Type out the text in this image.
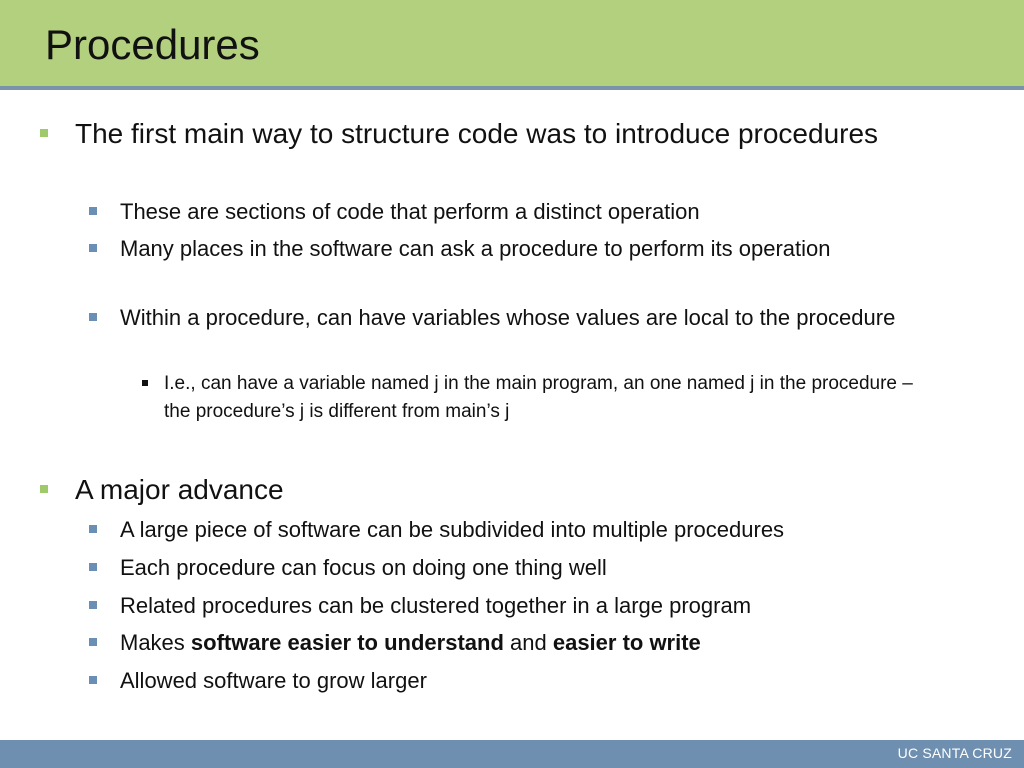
Procedures

The first main way to structure code was to introduce procedures

These are sections of code that perform a distinct operation

Many places in the software can ask a procedure to perform its operation

Within a procedure, can have variables whose values are local to the procedure

I.e., can have a variable named j in the main program, an one named j in the procedure – the procedure’s j is different from main’s j

A major advance

A large piece of software can be subdivided into multiple procedures

Each procedure can focus on doing one thing well

Related procedures can be clustered together in a large program

Makes software easier to understand and easier to write

Allowed software to grow larger

UC SANTA CRUZ
